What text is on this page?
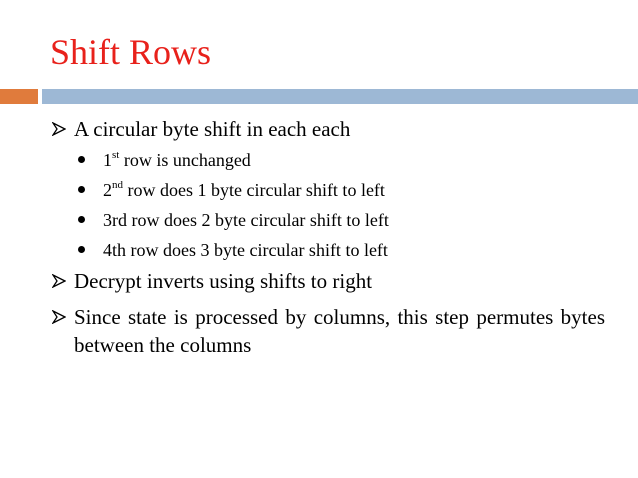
Shift Rows
A circular byte shift in each each
1st row is unchanged
2nd row does 1 byte circular shift to left
3rd row does 2 byte circular shift to left
4th row does 3 byte circular shift to left
Decrypt inverts using shifts to right
Since state is processed by columns, this step permutes bytes between the columns
